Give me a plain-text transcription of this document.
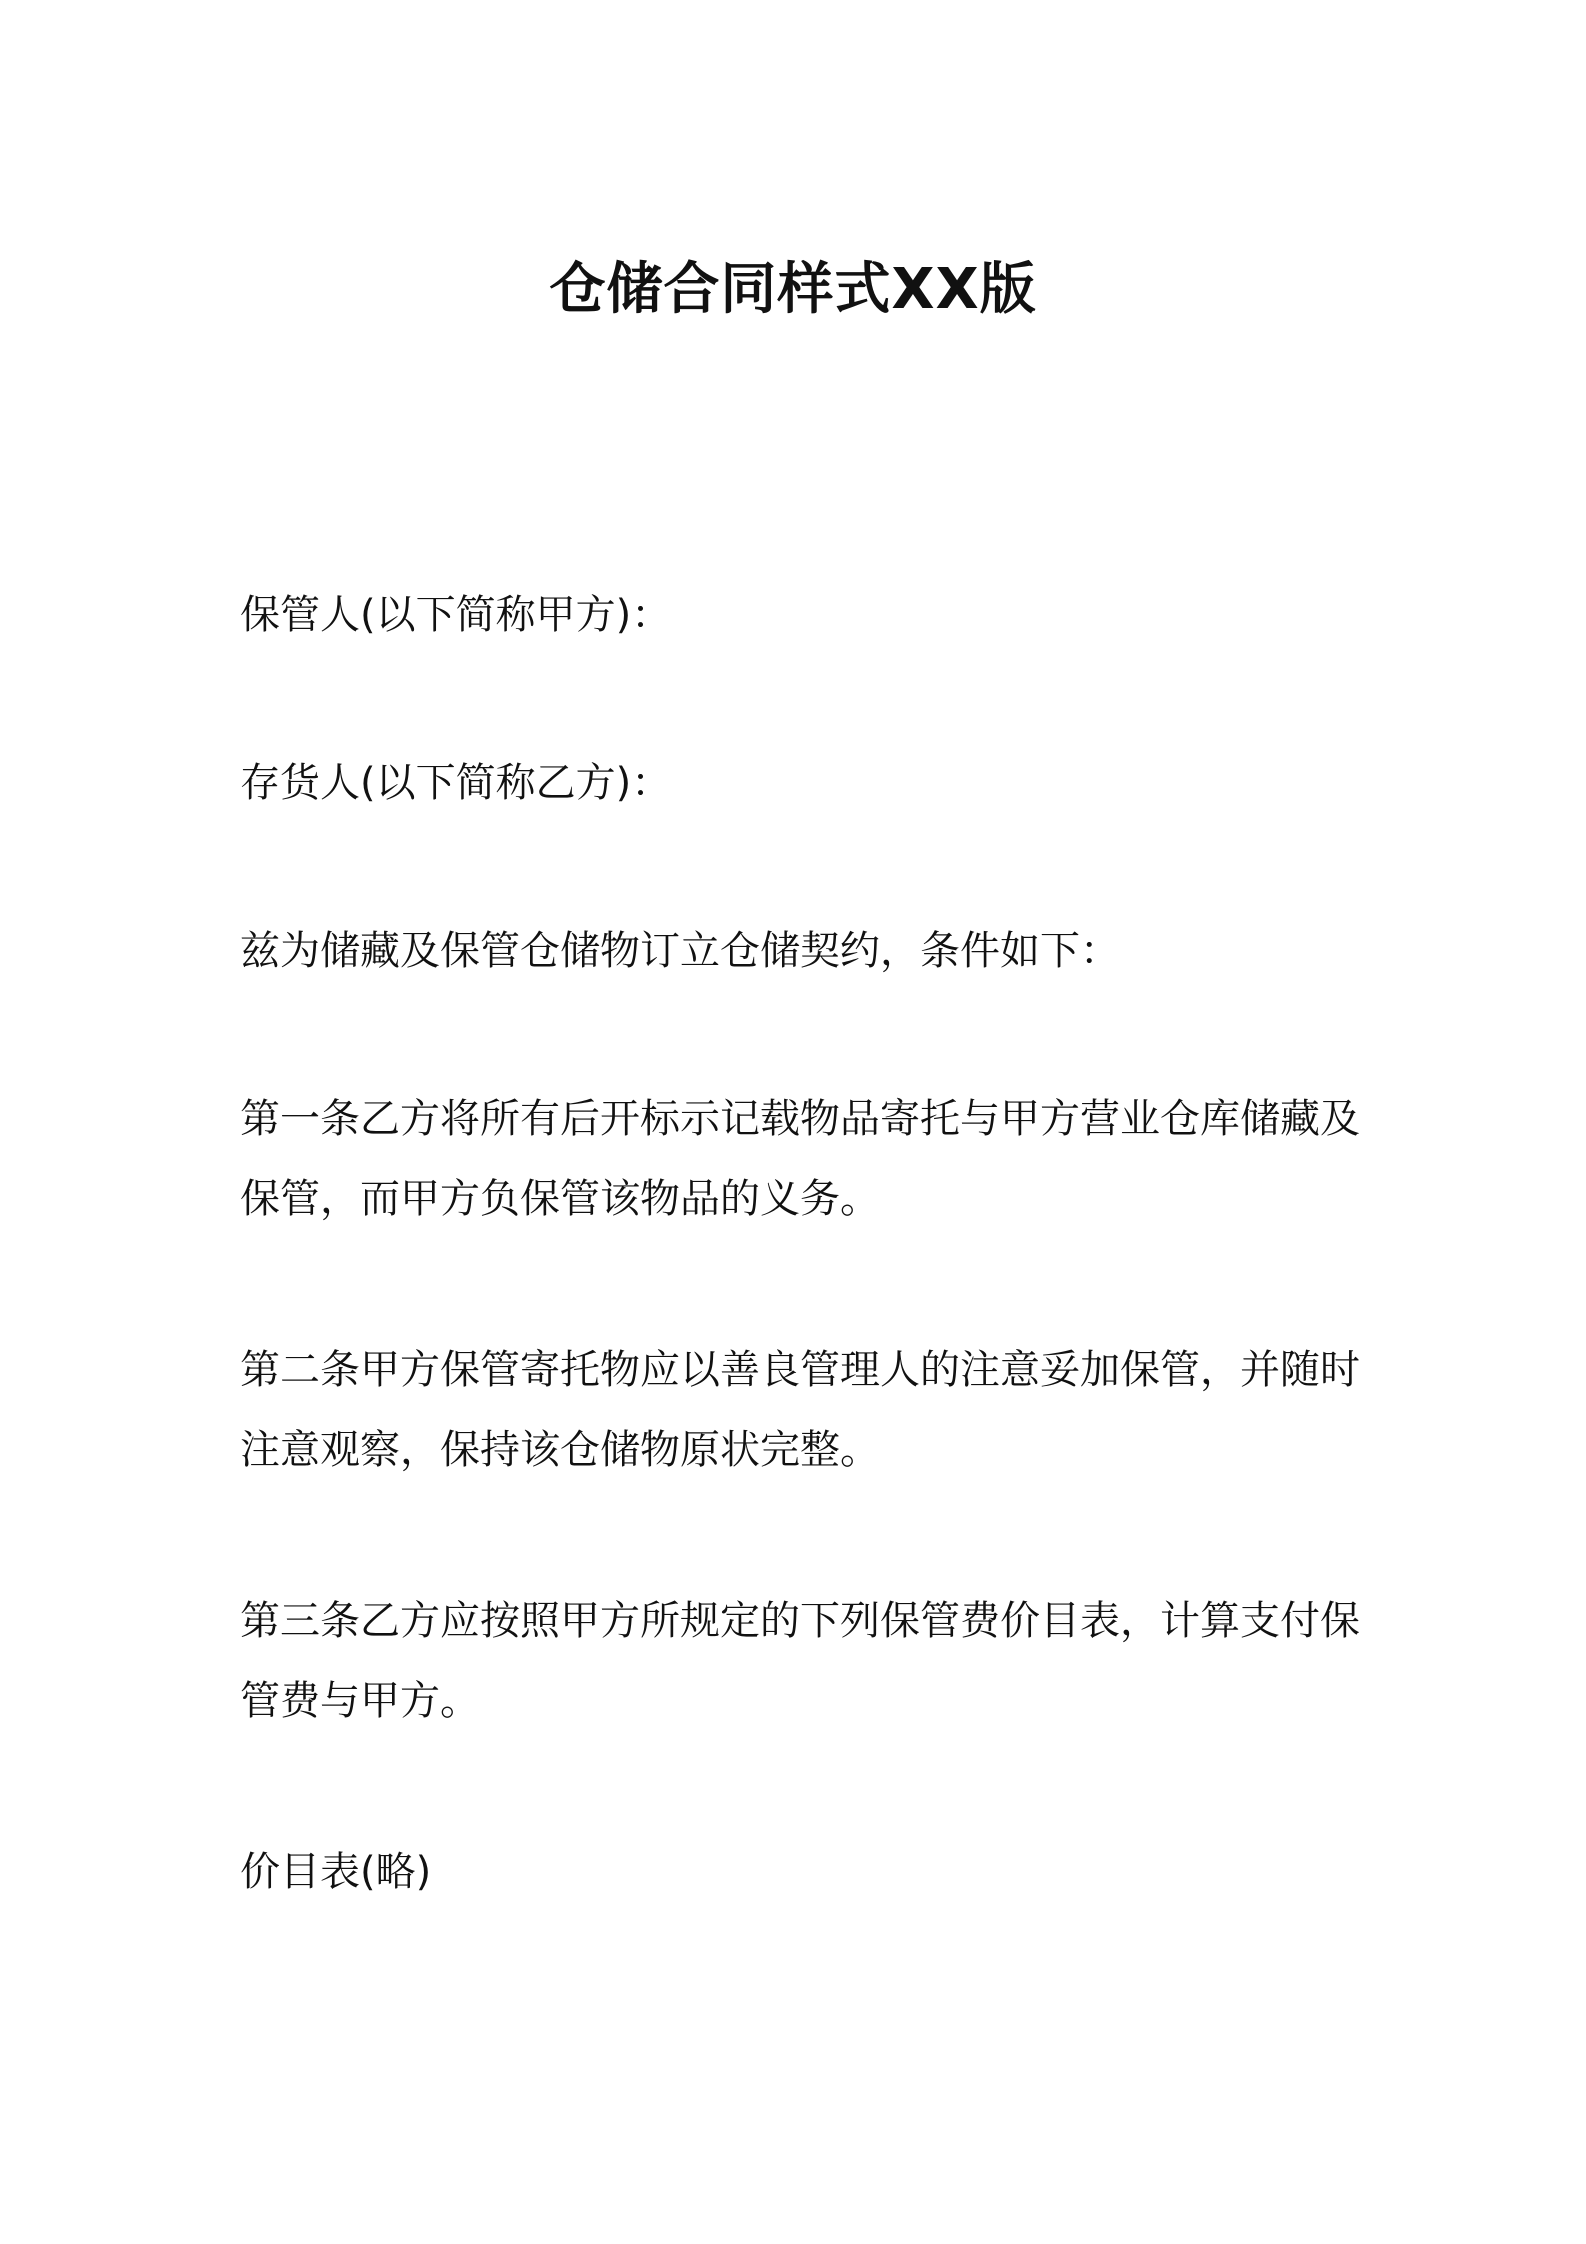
仓储合同样式XX版

保管人(以下简称甲方)：

存货人(以下简称乙方)：

兹为储藏及保管仓储物订立仓储契约，条件如下：

第一条乙方将所有后开标示记载物品寄托与甲方营业仓库储藏及保管，而甲方负保管该物品的义务。

第二条甲方保管寄托物应以善良管理人的注意妥加保管，并随时注意观察，保持该仓储物原状完整。

第三条乙方应按照甲方所规定的下列保管费价目表，计算支付保管费与甲方。

价目表(略)
